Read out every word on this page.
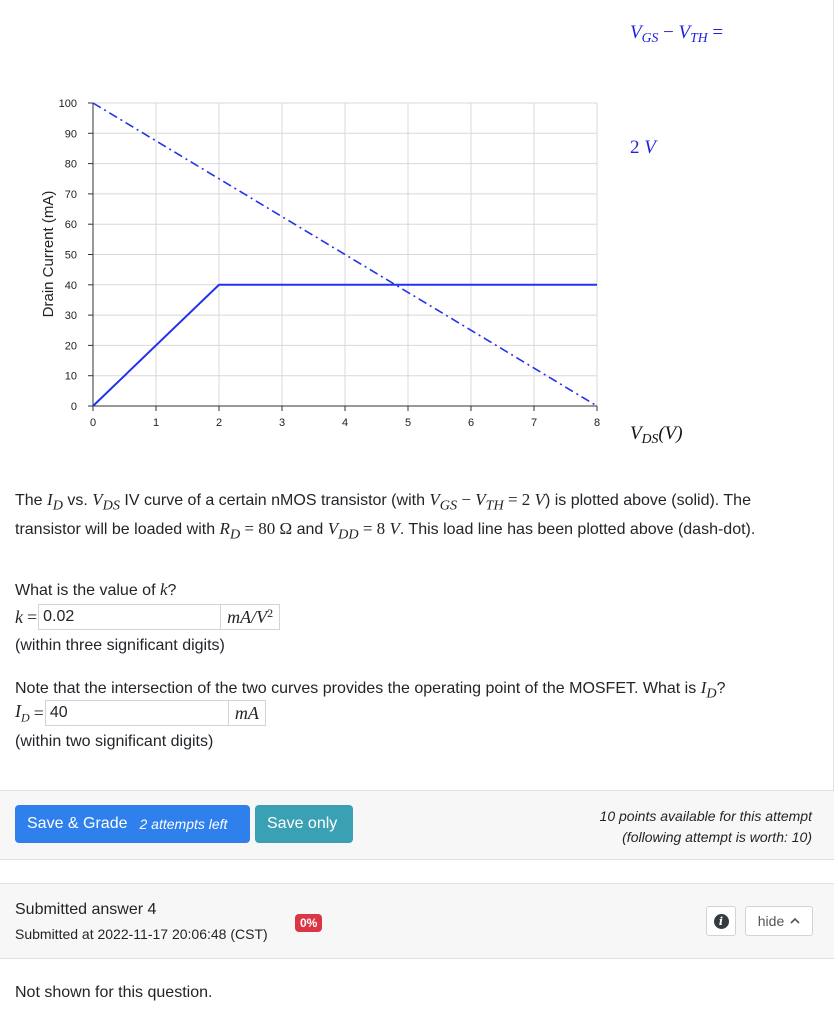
0	1	2	3	4	5	6	7	8
0
10
20
30
40
50
60
70
80
90
100
Drain Current (mA)
$V_{GS} - V_{TH}$ =
2 V
$V_{DS}(V)$
The $I_D$ vs. $V_{DS}$ IV curve of a certain nMOS transistor (with $V_{GS} - V_{TH} = 2$ V) is plotted above (solid). The transistor will be loaded with $R_D = 80$ Ω and $V_{DD} = 8$ V. This load line has been plotted above (dash-dot).
What is the value of k?
k =
0.02	$mA/V^2$
(within three significant digits)
Note that the intersection of the two curves provides the operating point of the MOSFET. What is $I_D$?
$I_D$ =
40	mA
(within two significant digits)
Save & Grade 2 attempts left	Save only	10 points available for this attempt
(following attempt is worth: 10)
Submitted answer 4
Submitted at 2022-11-17 20:06:48 (CST)
0%	i	hide
Not shown for this question.
